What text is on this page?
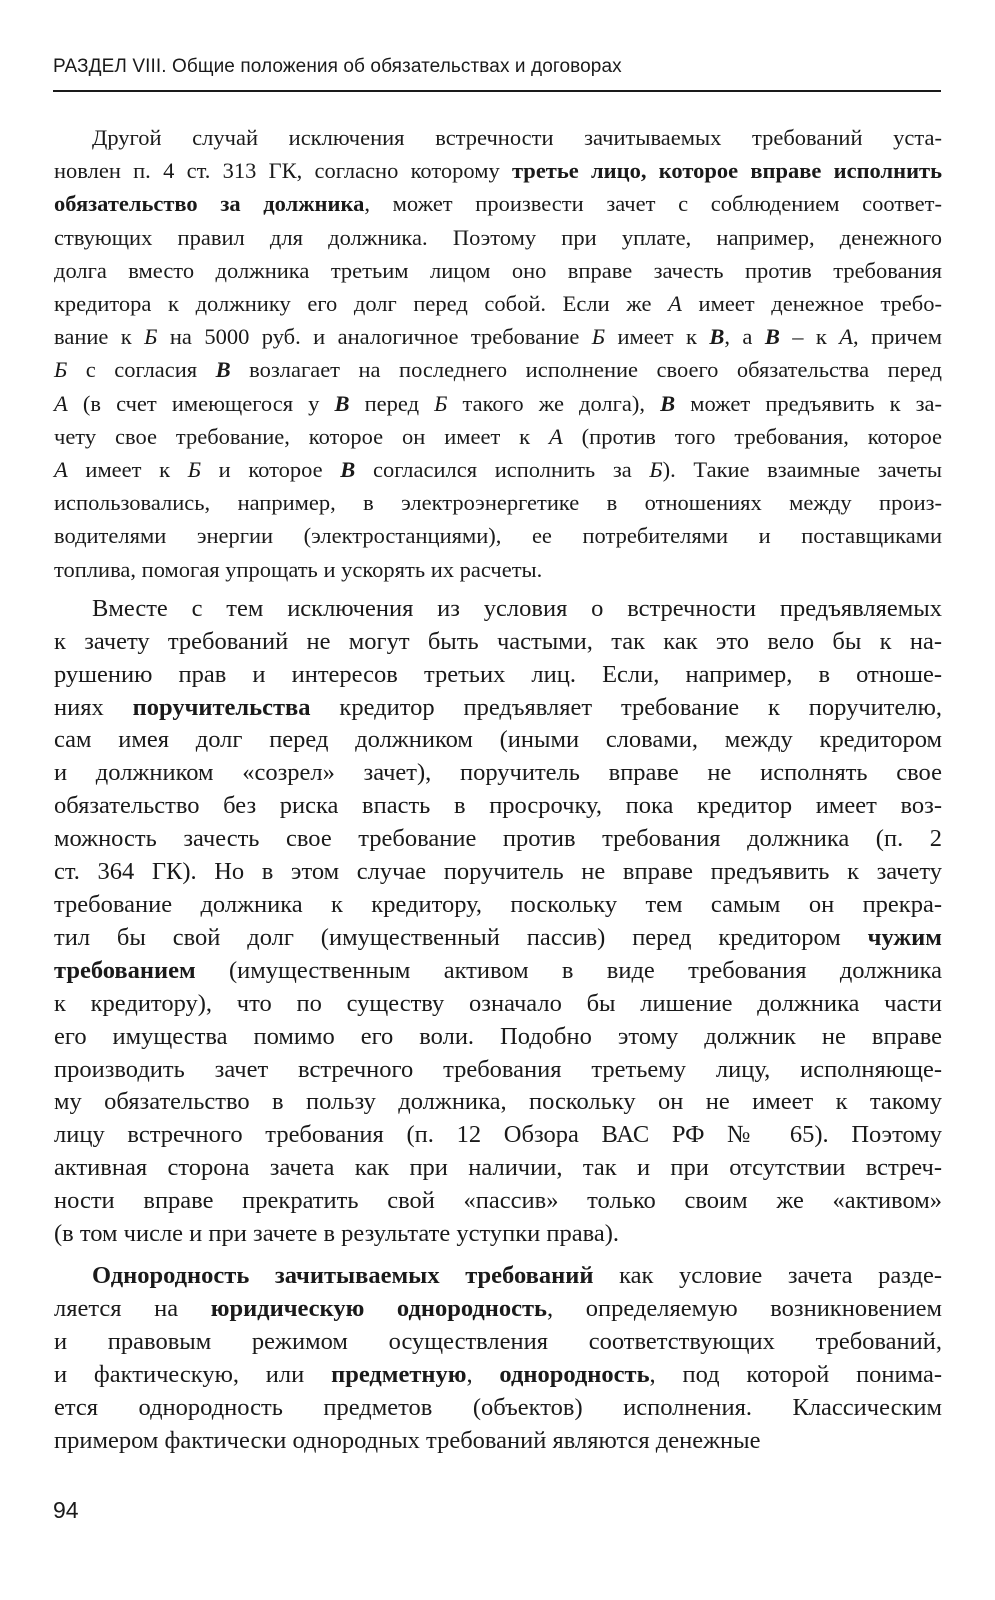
РАЗДЕЛ VIII. Общие положения об обязательствах и договорах

Другой случай исключения встречности зачитываемых требований уста-
новлен п. 4 ст. 313 ГК, согласно которому третье лицо, которое вправе исполнить
обязательство за должника, может произвести зачет с соблюдением соответ-
ствующих правил для должника. Поэтому при уплате, например, денежного
долга вместо должника третьим лицом оно вправе зачесть против требования
кредитора к должнику его долг перед собой. Если же А имеет денежное требо-
вание к Б на 5000 руб. и аналогичное требование Б имеет к В, а В – к А, причем
Б с согласия В возлагает на последнего исполнение своего обязательства перед
А (в счет имеющегося у В перед Б такого же долга), В может предъявить к за-
чету свое требование, которое он имеет к А (против того требования, которое
А имеет к Б и которое В согласился исполнить за Б). Такие взаимные зачеты
использовались, например, в электроэнергетике в отношениях между произ-
водителями энергии (электростанциями), ее потребителями и поставщиками
топлива, помогая упрощать и ускорять их расчеты.

Вместе с тем исключения из условия о встречности предъявляемых
к зачету требований не могут быть частыми, так как это вело бы к на-
рушению прав и интересов третьих лиц. Если, например, в отноше-
ниях поручительства кредитор предъявляет требование к поручителю,
сам имея долг перед должником (иными словами, между кредитором
и должником «созрел» зачет), поручитель вправе не исполнять свое
обязательство без риска впасть в просрочку, пока кредитор имеет воз-
можность зачесть свое требование против требования должника (п. 2
ст. 364 ГК). Но в этом случае поручитель не вправе предъявить к зачету
требование должника к кредитору, поскольку тем самым он прекра-
тил бы свой долг (имущественный пассив) перед кредитором чужим
требованием (имущественным активом в виде требования должника
к кредитору), что по существу означало бы лишение должника части
его имущества помимо его воли. Подобно этому должник не вправе
производить зачет встречного требования третьему лицу, исполняюще-
му обязательство в пользу должника, поскольку он не имеет к такому
лицу встречного требования (п. 12 Обзора ВАС РФ № 65). Поэтому
активная сторона зачета как при наличии, так и при отсутствии встреч-
ности вправе прекратить свой «пассив» только своим же «активом»
(в том числе и при зачете в результате уступки права).

Однородность зачитываемых требований как условие зачета разде-
ляется на юридическую однородность, определяемую возникновением
и правовым режимом осуществления соответствующих требований,
и фактическую, или предметную, однородность, под которой понима-
ется однородность предметов (объектов) исполнения. Классическим
примером фактически однородных требований являются денежные

94
